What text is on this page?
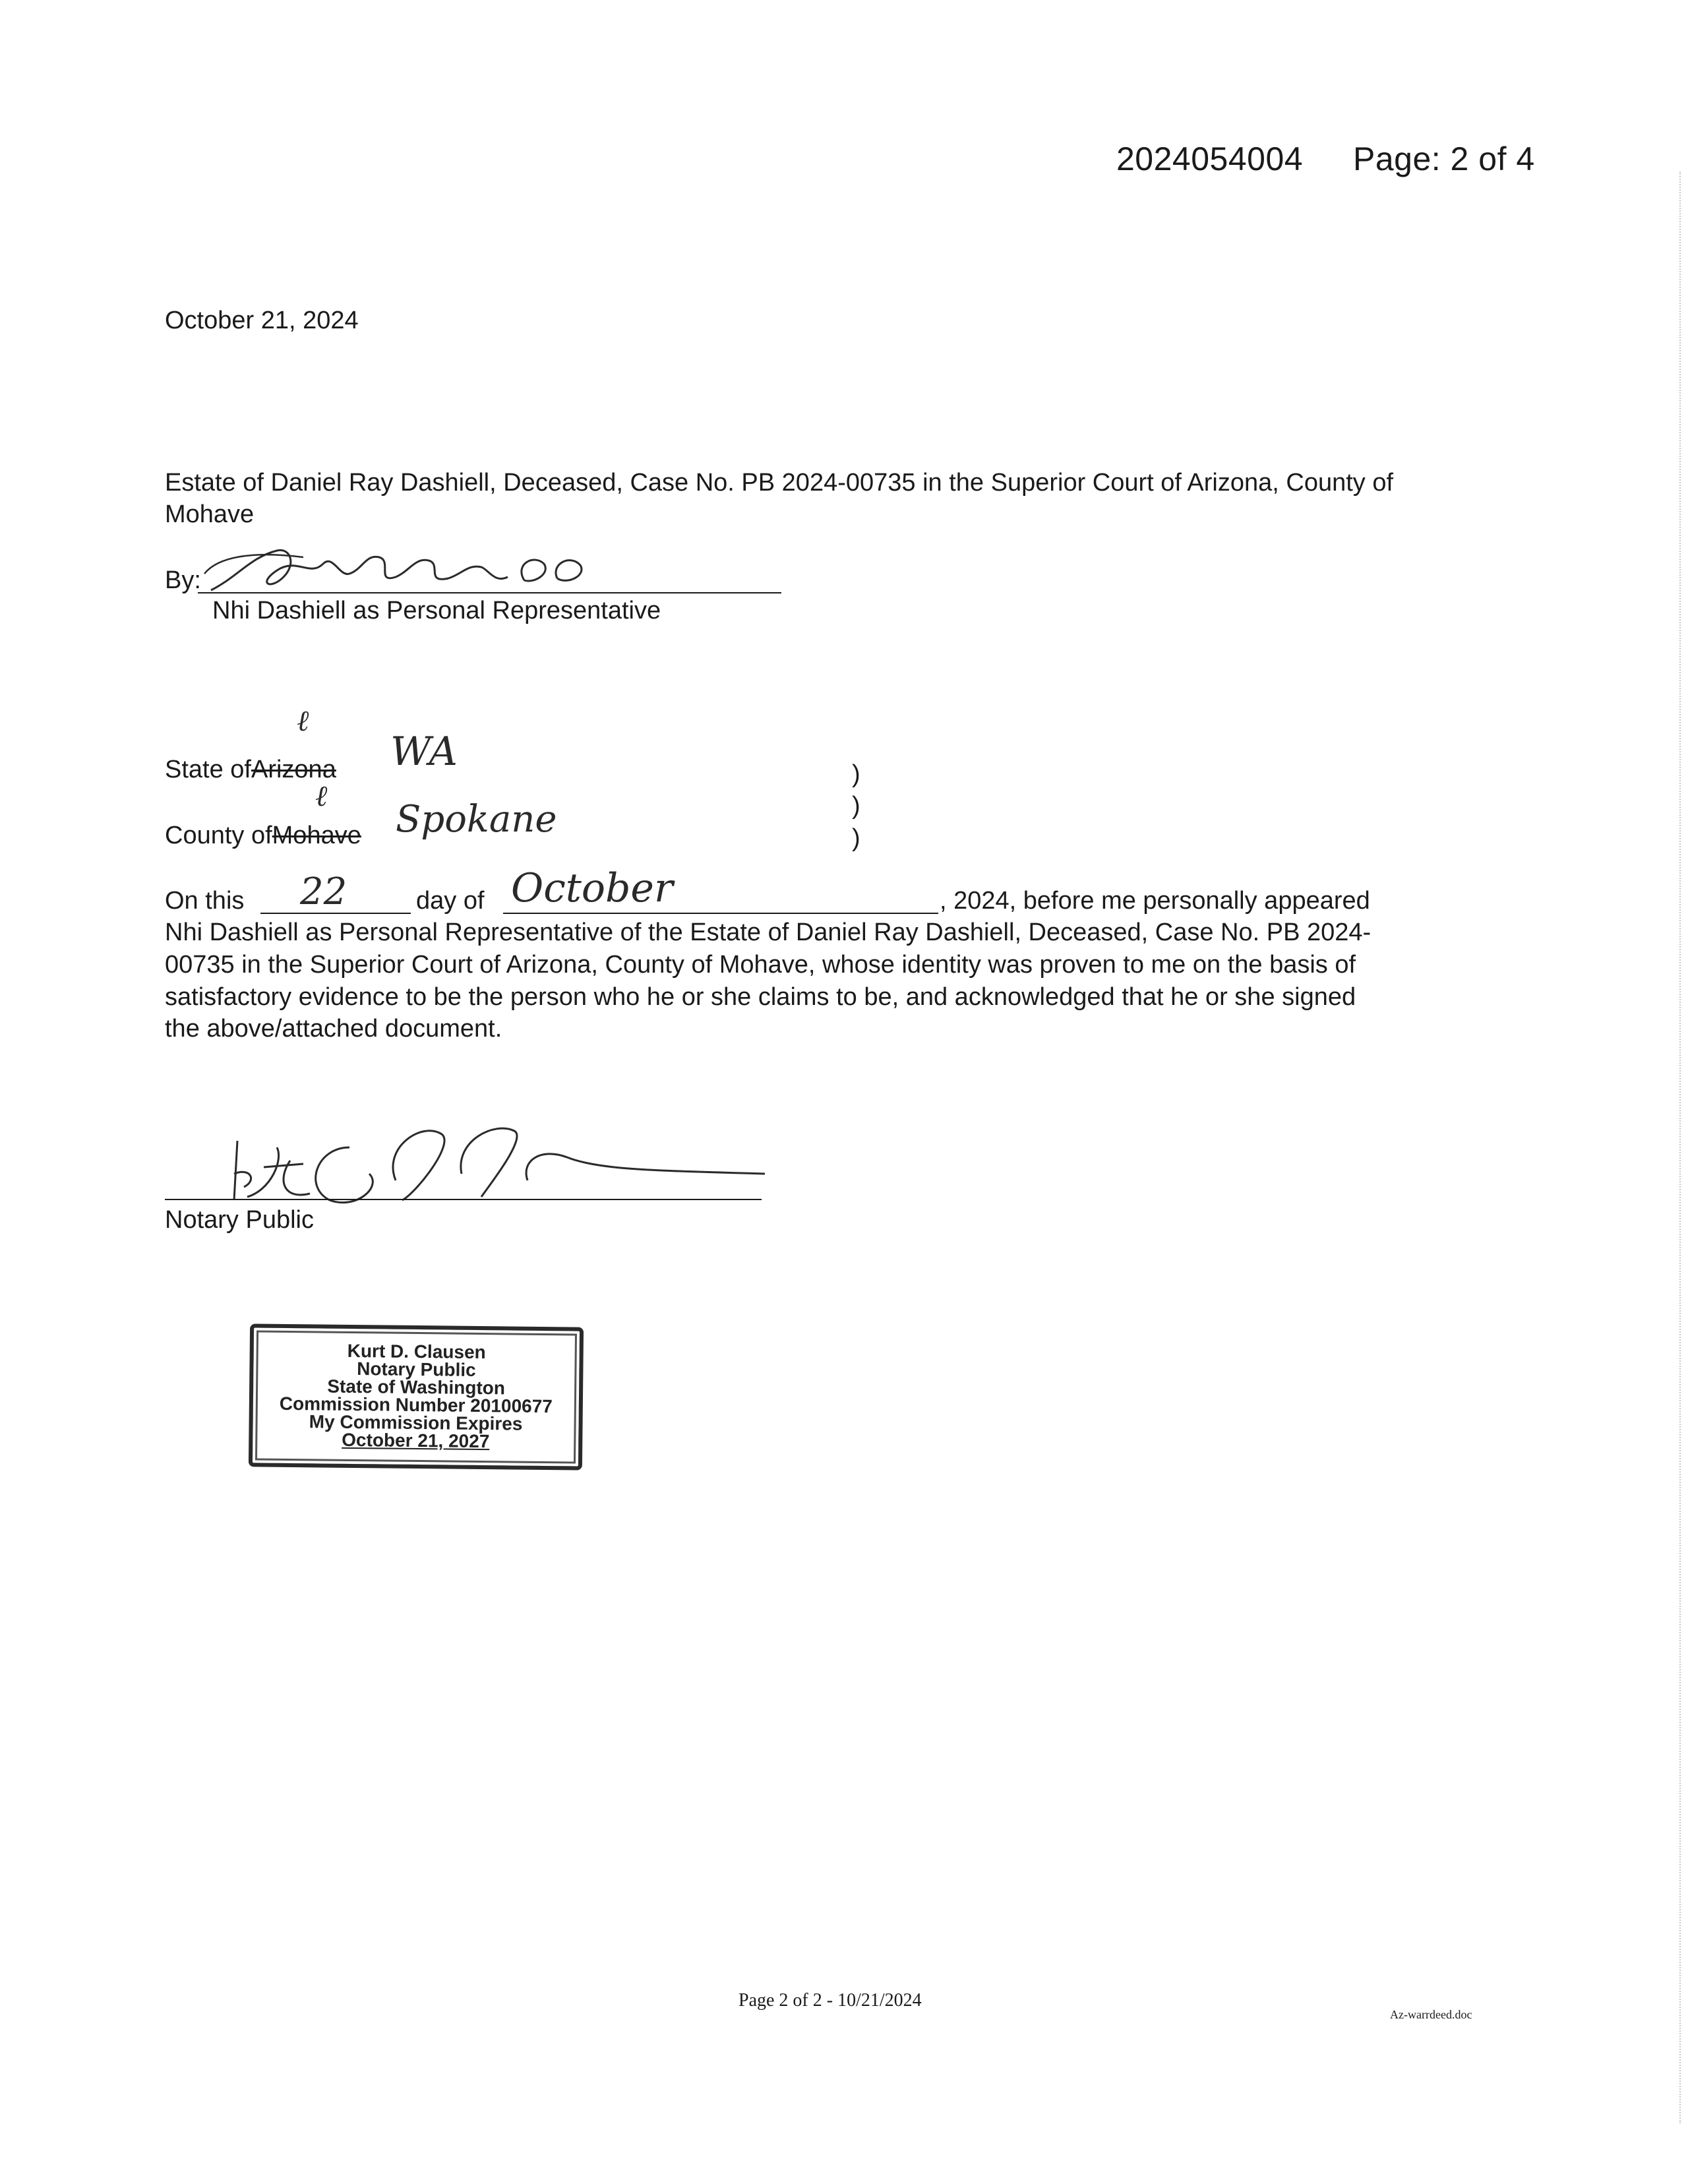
2024054004 Page: 2 of 4
October 21, 2024
Estate of Daniel Ray Dashiell, Deceased, Case No. PB 2024-00735 in the Superior Court of Arizona, County of
Mohave
By:
Nhi Dashiell as Personal Representative
State ofArizona
ℓ
WA
County ofMohave
ℓ
Spokane
)
)
)
On this 22	day of October	, 2024, before me personally appeared
Nhi Dashiell as Personal Representative of the Estate of Daniel Ray Dashiell, Deceased, Case No. PB 2024-
00735 in the Superior Court of Arizona, County of Mohave, whose identity was proven to me on the basis of
satisfactory evidence to be the person who he or she claims to be, and acknowledged that he or she signed
the above/attached document.
Notary Public
Kurt D. Clausen
Notary Public
State of Washington
Commission Number 20100677
My Commission Expires
October 21, 2027
Page 2 of 2 - 10/21/2024
Az-warrdeed.doc
